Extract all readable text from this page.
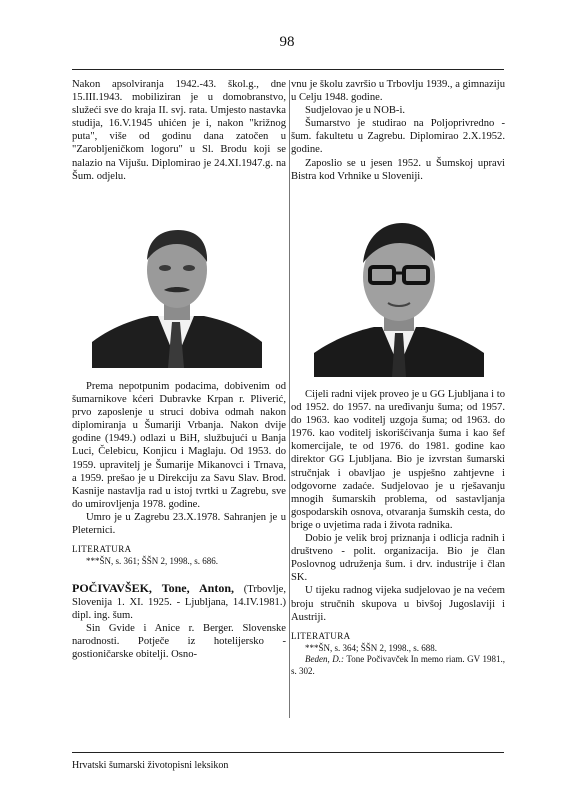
98

Nakon apsolviranja 1942.-43. škol.g., dne 15.III.1943. mobiliziran je u domobranstvo, služeći sve do kraja II. svj. rata. Umjesto nastavka studija, 16.V.1945 uhićen je i, nakon "križnog puta", više od godinu dana zatočen u "Zarobljeničkom logoru" u Sl. Brodu koji se nalazio na Vijušu. Diplomirao je 24.XI.1947.g. na Šum. odjelu.

Prema nepotpunim podacima, dobivenim od šumarnikove kćeri Dubravke Krpan r. Pliverić, prvo zaposlenje u struci dobiva odmah nakon diplomiranja u Šumariji Vrbanja. Nakon dvije godine (1949.) odlazi u BiH, službujući u Banja Luci, Čelebicu, Konjicu i Maglaju. Od 1953. do 1959. upravitelj je Šumarije Mikanovci i Trnava, a 1959. prešao je u Direkciju za Savu Slav. Brod. Kasnije nastavlja rad u istoj tvrtki u Zagrebu, sve do umirovljenja 1978. godine.

Umro je u Zagrebu 23.X.1978. Sahranjen je u Pleternici.

LITERATURA

***ŠN, s. 361; ŠŠN 2, 1998., s. 686.

POČIVAVŠEK, Tone, Anton, (Trbovlje, Slovenija 1. XI. 1925. - Ljubljana, 14.IV.1981.) dipl. ing. šum.

Sin Gvide i Anice r. Berger. Slovenske narodnosti. Potječe iz hotelijersko - gostioničarske obitelji. Osno-

vnu je školu završio u Trbovlju 1939., a gimnaziju u Celju 1948. godine.

Sudjelovao je u NOB-i.

Šumarstvo je studirao na Poljoprivredno - šum. fakultetu u Zagrebu. Diplomirao 2.X.1952. godine.

Zaposlio se u jesen 1952. u Šumskoj upravi Bistra kod Vrhnike u Sloveniji.

Cijeli radni vijek proveo je u GG Ljubljana i to od 1952. do 1957. na uređivanju šuma; od 1957. do 1963. kao voditelj uzgoja šuma; od 1963. do 1976. kao voditelj iskorišćivanja šuma i kao šef komercijale, te od 1976. do 1981. godine kao direktor GG Ljubljana. Bio je izvrstan šumarski stručnjak i obavljao je uspješno zahtjevne i odgovorne zadaće. Sudjelovao je u rješavanju mnogih šumarskih problema, od sastavljanja gospodarskih osnova, otvaranja šumskih cesta, do brige o uvjetima rada i života radnika.

Dobio je velik broj priznanja i odlicja radnih i društveno - polit. organizacija. Bio je član Poslovnog udruženja šum. i drv. industrije i član SK.

U tijeku radnog vijeka sudjelovao je na većem broju stručnih skupova u bivšoj Jugoslaviji i Austriji.

LITERATURA

***ŠN, s. 364; ŠŠN 2, 1998., s. 688.

Beden, D.: Tone Počivavček In memo riam. GV 1981., s. 302.

Hrvatski šumarski životopisni leksikon
